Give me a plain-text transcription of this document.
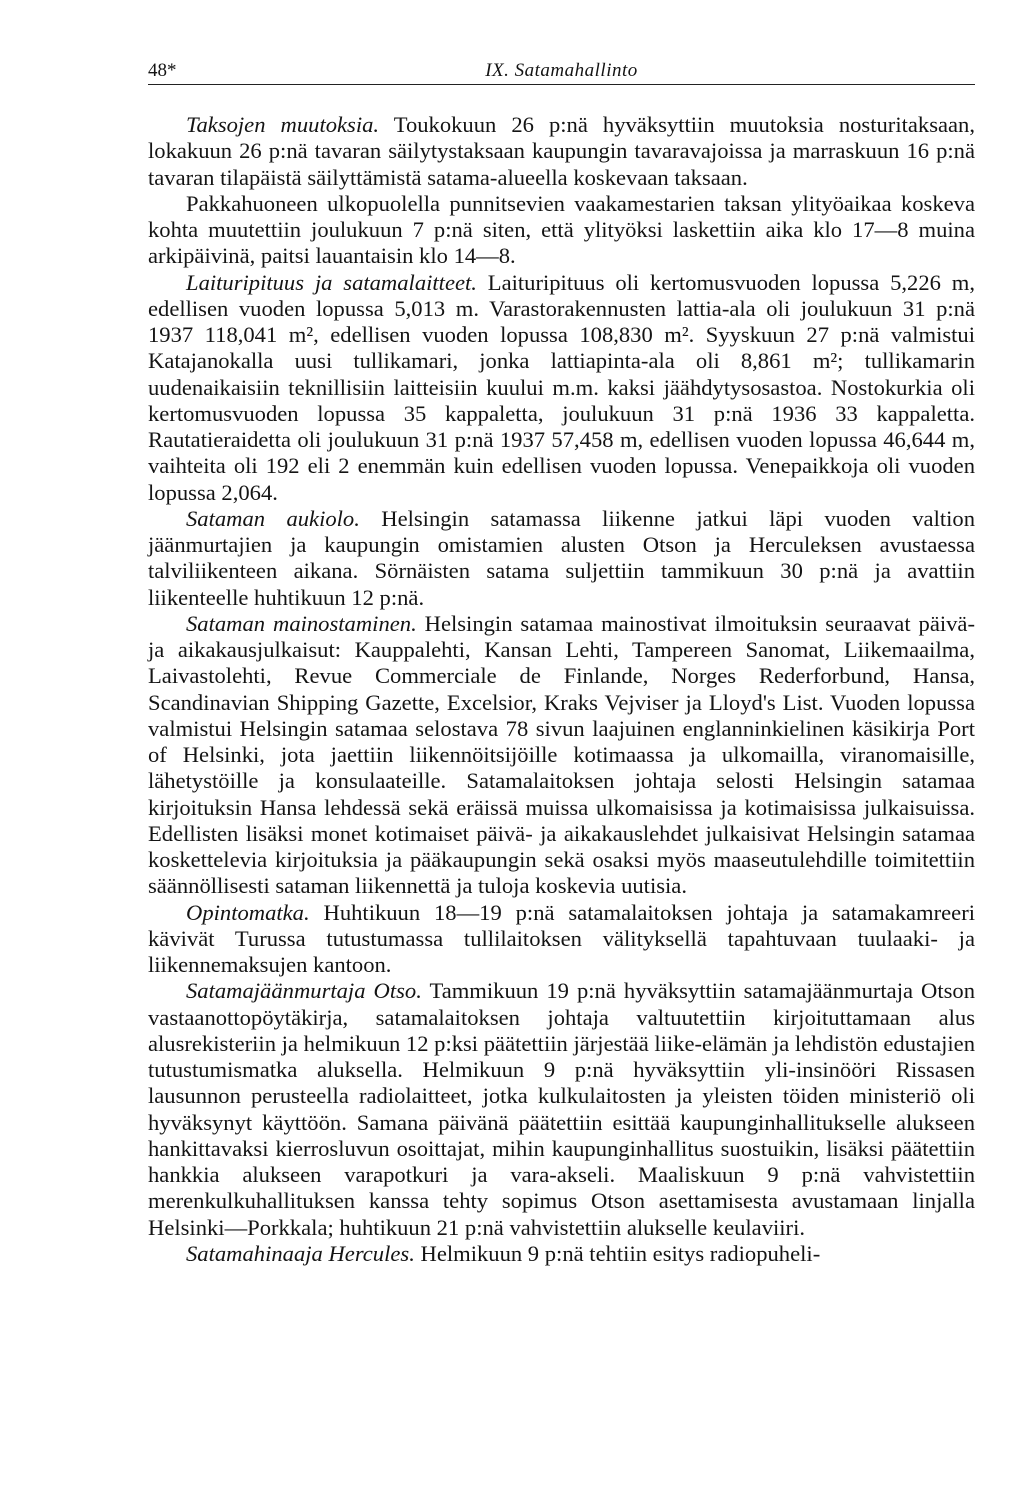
48*	IX. Satamahallinto

Taksojen muutoksia. Toukokuun 26 p:nä hyväksyttiin muutoksia nosturitaksaan, lokakuun 26 p:nä tavaran säilytystaksaan kaupungin tavaravajoissa ja marraskuun 16 p:nä tavaran tilapäistä säilyttämistä satama-alueella koskevaan taksaan.

Pakkahuoneen ulkopuolella punnitsevien vaakamestarien taksan ylityöaikaa koskeva kohta muutettiin joulukuun 7 p:nä siten, että ylityöksi laskettiin aika klo 17—8 muina arkipäivinä, paitsi lauantaisin klo 14—8.

Laituripituus ja satamalaitteet. Laituripituus oli kertomusvuoden lopussa 5,226 m, edellisen vuoden lopussa 5,013 m. Varastorakennusten lattia-ala oli joulukuun 31 p:nä 1937 118,041 m², edellisen vuoden lopussa 108,830 m². Syyskuun 27 p:nä valmistui Katajanokalla uusi tullikamari, jonka lattiapinta-ala oli 8,861 m²; tullikamarin uudenaikaisiin teknillisiin laitteisiin kuului m.m. kaksi jäähdytysosastoa. Nostokurkia oli kertomusvuoden lopussa 35 kappaletta, joulukuun 31 p:nä 1936 33 kappaletta. Rautatieraidetta oli joulukuun 31 p:nä 1937 57,458 m, edellisen vuoden lopussa 46,644 m, vaihteita oli 192 eli 2 enemmän kuin edellisen vuoden lopussa. Venepaikkoja oli vuoden lopussa 2,064.

Sataman aukiolo. Helsingin satamassa liikenne jatkui läpi vuoden valtion jäänmurtajien ja kaupungin omistamien alusten Otson ja Herculeksen avustaessa talviliikenteen aikana. Sörnäisten satama suljettiin tammikuun 30 p:nä ja avattiin liikenteelle huhtikuun 12 p:nä.

Sataman mainostaminen. Helsingin satamaa mainostivat ilmoituksin seuraavat päivä- ja aikakausjulkaisut: Kauppalehti, Kansan Lehti, Tampereen Sanomat, Liikemaailma, Laivastolehti, Revue Commerciale de Finlande, Norges Rederforbund, Hansa, Scandinavian Shipping Gazette, Excelsior, Kraks Vejviser ja Lloyd's List. Vuoden lopussa valmistui Helsingin satamaa selostava 78 sivun laajuinen englanninkielinen käsikirja Port of Helsinki, jota jaettiin liikennöitsijöille kotimaassa ja ulkomailla, viranomaisille, lähetystöille ja konsulaateille. Satamalaitoksen johtaja selosti Helsingin satamaa kirjoituksin Hansa lehdessä sekä eräissä muissa ulkomaisissa ja kotimaisissa julkaisuissa. Edellisten lisäksi monet kotimaiset päivä- ja aikakauslehdet julkaisivat Helsingin satamaa koskettelevia kirjoituksia ja pääkaupungin sekä osaksi myös maaseutulehdille toimitettiin säännöllisesti sataman liikennettä ja tuloja koskevia uutisia.

Opintomatka. Huhtikuun 18—19 p:nä satamalaitoksen johtaja ja satamakamreeri kävivät Turussa tutustumassa tullilaitoksen välityksellä tapahtuvaan tuulaaki- ja liikennemaksujen kantoon.

Satamajäänmurtaja Otso. Tammikuun 19 p:nä hyväksyttiin satamajäänmurtaja Otson vastaanottopöytäkirja, satamalaitoksen johtaja valtuutettiin kirjoituttamaan alus alusrekisteriin ja helmikuun 12 p:ksi päätettiin järjestää liike-elämän ja lehdistön edustajien tutustumismatka aluksella. Helmikuun 9 p:nä hyväksyttiin yli-insinööri Rissasen lausunnon perusteella radiolaitteet, jotka kulkulaitosten ja yleisten töiden ministeriö oli hyväksynyt käyttöön. Samana päivänä päätettiin esittää kaupunginhallitukselle alukseen hankittavaksi kierrosluvun osoittajat, mihin kaupunginhallitus suostuikin, lisäksi päätettiin hankkia alukseen varapotkuri ja vara-akseli. Maaliskuun 9 p:nä vahvistettiin merenkulkuhallituksen kanssa tehty sopimus Otson asettamisesta avustamaan linjalla Helsinki—Porkkala; huhtikuun 21 p:nä vahvistettiin alukselle keulaviiri.

Satamahinaaja Hercules. Helmikuun 9 p:nä tehtiin esitys radiopuheli-
